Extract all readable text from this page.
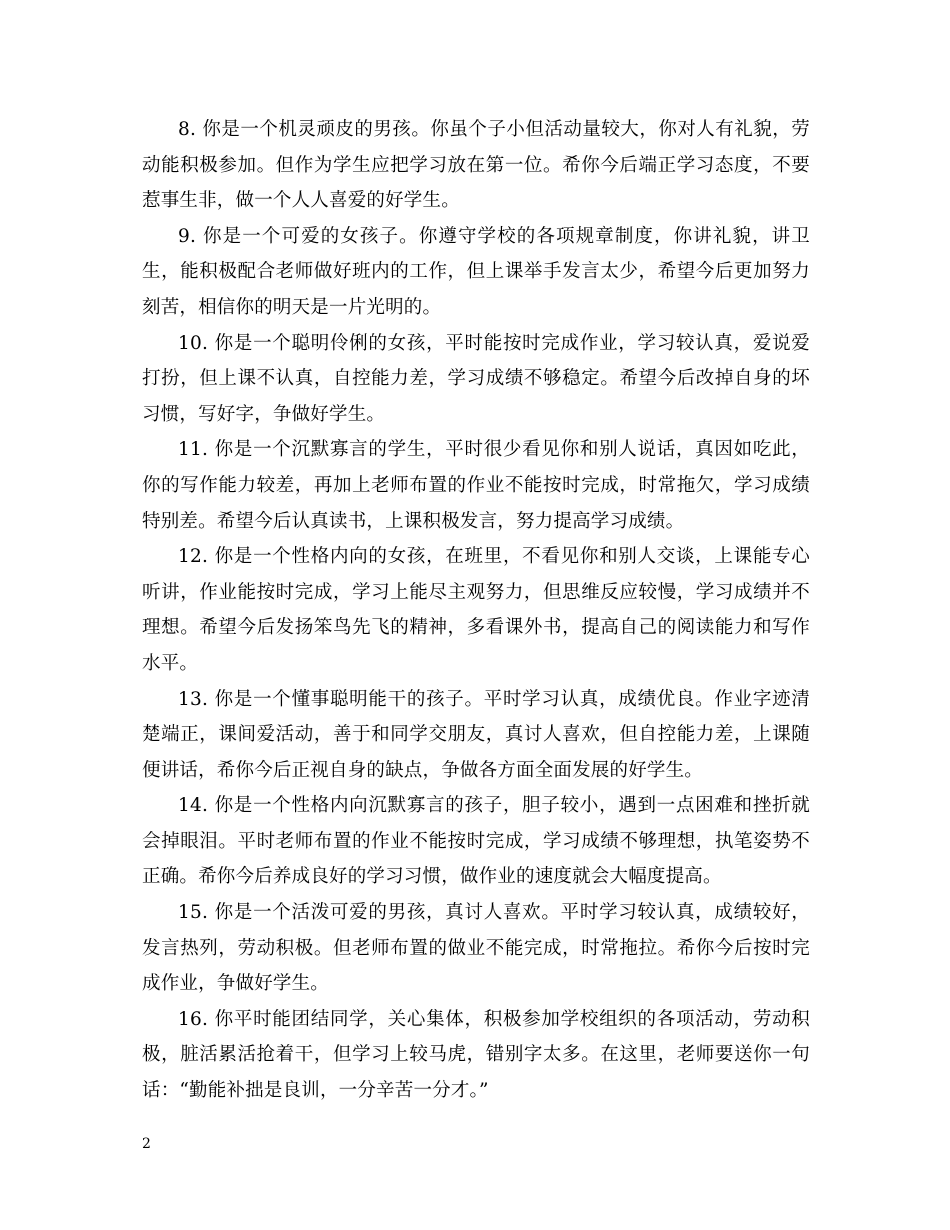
8. 你是一个机灵顽皮的男孩。你虽个子小但活动量较大，你对人有礼貌，劳动能积极参加。但作为学生应把学习放在第一位。希你今后端正学习态度，不要惹事生非，做一个人人喜爱的好学生。

9. 你是一个可爱的女孩子。你遵守学校的各项规章制度，你讲礼貌，讲卫生，能积极配合老师做好班内的工作，但上课举手发言太少，希望今后更加努力刻苦，相信你的明天是一片光明的。

10. 你是一个聪明伶俐的女孩，平时能按时完成作业，学习较认真，爱说爱打扮，但上课不认真，自控能力差，学习成绩不够稳定。希望今后改掉自身的坏习惯，写好字，争做好学生。

11. 你是一个沉默寡言的学生，平时很少看见你和别人说话，真因如吃此，你的写作能力较差，再加上老师布置的作业不能按时完成，时常拖欠，学习成绩特别差。希望今后认真读书，上课积极发言，努力提高学习成绩。

12. 你是一个性格内向的女孩，在班里，不看见你和别人交谈，上课能专心听讲，作业能按时完成，学习上能尽主观努力，但思维反应较慢，学习成绩并不理想。希望今后发扬笨鸟先飞的精神，多看课外书，提高自己的阅读能力和写作水平。

13. 你是一个懂事聪明能干的孩子。平时学习认真，成绩优良。作业字迹清楚端正，课间爱活动，善于和同学交朋友，真讨人喜欢，但自控能力差，上课随便讲话，希你今后正视自身的缺点，争做各方面全面发展的好学生。

14. 你是一个性格内向沉默寡言的孩子，胆子较小，遇到一点困难和挫折就会掉眼泪。平时老师布置的作业不能按时完成，学习成绩不够理想，执笔姿势不正确。希你今后养成良好的学习习惯，做作业的速度就会大幅度提高。

15. 你是一个活泼可爱的男孩，真讨人喜欢。平时学习较认真，成绩较好，发言热列，劳动积极。但老师布置的做业不能完成，时常拖拉。希你今后按时完成作业，争做好学生。

16. 你平时能团结同学，关心集体，积极参加学校组织的各项活动，劳动积极，脏活累活抢着干，但学习上较马虎，错别字太多。在这里，老师要送你一句话：“勤能补拙是良训，一分辛苦一分才。”

2
